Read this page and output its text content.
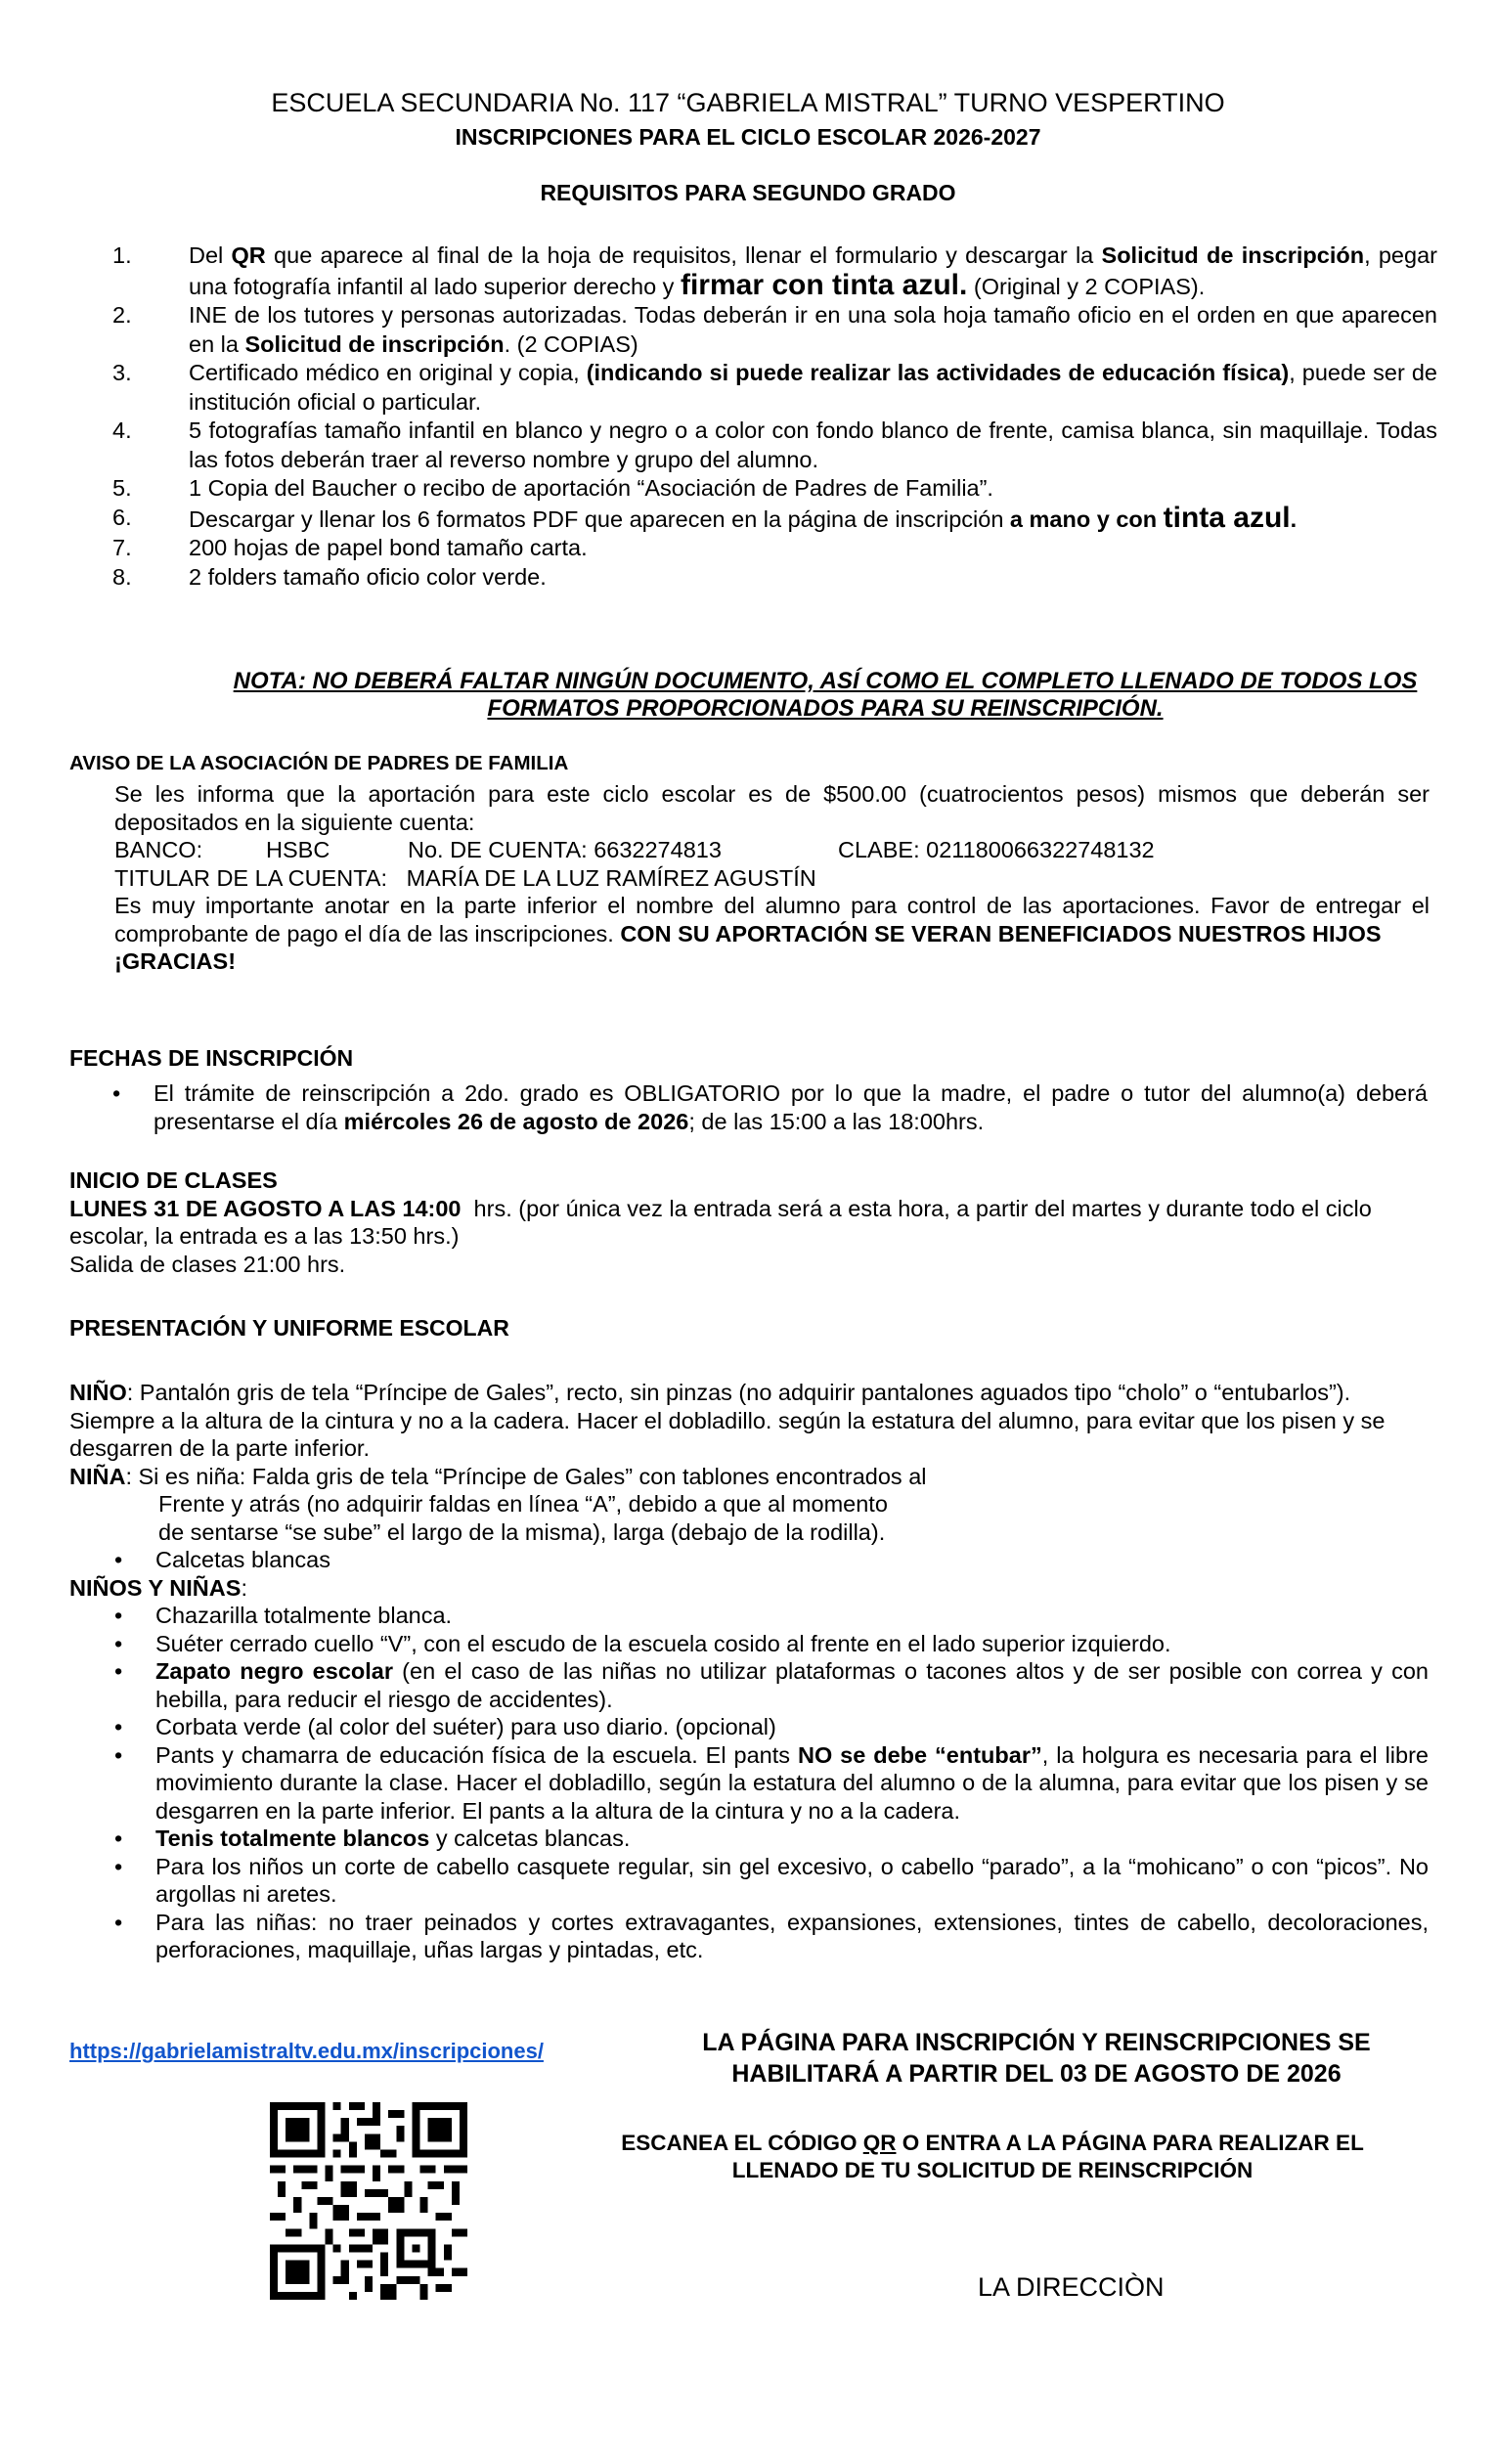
ESCUELA SECUNDARIA No. 117 “GABRIELA MISTRAL” TURNO VESPERTINO
INSCRIPCIONES PARA EL CICLO ESCOLAR 2026-2027
REQUISITOS PARA SEGUNDO GRADO

1. Del QR que aparece al final de la hoja de requisitos, llenar el formulario y descargar la Solicitud de inscripción, pegar una fotografía infantil al lado superior derecho y firmar con tinta azul. (Original y 2 COPIAS).

2. INE de los tutores y personas autorizadas. Todas deberán ir en una sola hoja tamaño oficio en el orden en que aparecen en la Solicitud de inscripción. (2 COPIAS)

3. Certificado médico en original y copia, (indicando si puede realizar las actividades de educación física), puede ser de institución oficial o particular.

4. 5 fotografías tamaño infantil en blanco y negro o a color con fondo blanco de frente, camisa blanca, sin maquillaje. Todas las fotos deberán traer al reverso nombre y grupo del alumno.

5. 1 Copia del Baucher o recibo de aportación “Asociación de Padres de Familia”.

6. Descargar y llenar los 6 formatos PDF que aparecen en la página de inscripción a mano y con tinta azul.

7. 200 hojas de papel bond tamaño carta.

8. 2 folders tamaño oficio color verde.

NOTA: NO DEBERÁ FALTAR NINGÚN DOCUMENTO, ASÍ COMO EL COMPLETO LLENADO DE TODOS LOS FORMATOS PROPORCIONADOS PARA SU REINSCRIPCIÓN.
AVISO DE LA ASOCIACIÓN DE PADRES DE FAMILIA

Se les informa que la aportación para este ciclo escolar es de $500.00 (cuatrocientos pesos) mismos que deberán ser depositados en la siguiente cuenta:

BANCO:	HSBC	No. DE CUENTA: 6632274813	CLABE: 021180066322748132

TITULAR DE LA CUENTA:   MARÍA DE LA LUZ RAMÍREZ AGUSTÍN

Es muy importante anotar en la parte inferior el nombre del alumno para control de las aportaciones. Favor de entregar el comprobante de pago el día de las inscripciones. CON SU APORTACIÓN SE VERAN BENEFICIADOS NUESTROS HIJOS

¡GRACIAS!

FECHAS DE INSCRIPCIÓN

• El trámite de reinscripción a 2do. grado es OBLIGATORIO por lo que la madre, el padre o tutor del alumno(a) deberá presentarse el día miércoles 26 de agosto de 2026; de las 15:00 a las 18:00hrs.

INICIO DE CLASES

LUNES 31 DE AGOSTO A LAS 14:00  hrs. (por única vez la entrada será a esta hora, a partir del martes y durante todo el ciclo escolar, la entrada es a las 13:50 hrs.)

Salida de clases 21:00 hrs.

PRESENTACIÓN Y UNIFORME ESCOLAR

NIÑO: Pantalón gris de tela “Príncipe de Gales”, recto, sin pinzas (no adquirir pantalones aguados tipo “cholo” o “entubarlos”). Siempre a la altura de la cintura y no a la cadera. Hacer el dobladillo. según la estatura del alumno, para evitar que los pisen y se desgarren de la parte inferior.

NIÑA: Si es niña: Falda gris de tela “Príncipe de Gales” con tablones encontrados al

Frente y atrás (no adquirir faldas en línea “A”, debido a que al momento

de sentarse “se sube” el largo de la misma), larga (debajo de la rodilla).

• Calcetas blancas

NIÑOS Y NIÑAS:

• Chazarilla totalmente blanca.

• Suéter cerrado cuello “V”, con el escudo de la escuela cosido al frente en el lado superior izquierdo.

• Zapato negro escolar (en el caso de las niñas no utilizar plataformas o tacones altos y de ser posible con correa y con hebilla, para reducir el riesgo de accidentes).

• Corbata verde (al color del suéter) para uso diario. (opcional)

• Pants y chamarra de educación física de la escuela. El pants NO se debe “entubar”, la holgura es necesaria para el libre movimiento durante la clase. Hacer el dobladillo, según la estatura del alumno o de la alumna, para evitar que los pisen y se desgarren en la parte inferior. El pants a la altura de la cintura y no a la cadera.

• Tenis totalmente blancos y calcetas blancas.

• Para los niños un corte de cabello casquete regular, sin gel excesivo, o cabello “parado”, a la “mohicano” o con “picos”. No argollas ni aretes.

• Para las niñas: no traer peinados y cortes extravagantes, expansiones, extensiones, tintes de cabello, decoloraciones, perforaciones, maquillaje, uñas largas y pintadas, etc.

https://gabrielamistraltv.edu.mx/inscripciones/	LA PÁGINA PARA INSCRIPCIÓN Y REINSCRIPCIONES SE HABILITARÁ A PARTIR DEL 03 DE AGOSTO DE 2026
ESCANEA EL CÓDIGO QR O ENTRA A LA PÁGINA PARA REALIZAR EL LLENADO DE TU SOLICITUD DE REINSCRIPCIÓN
LA DIRECCIÒN
